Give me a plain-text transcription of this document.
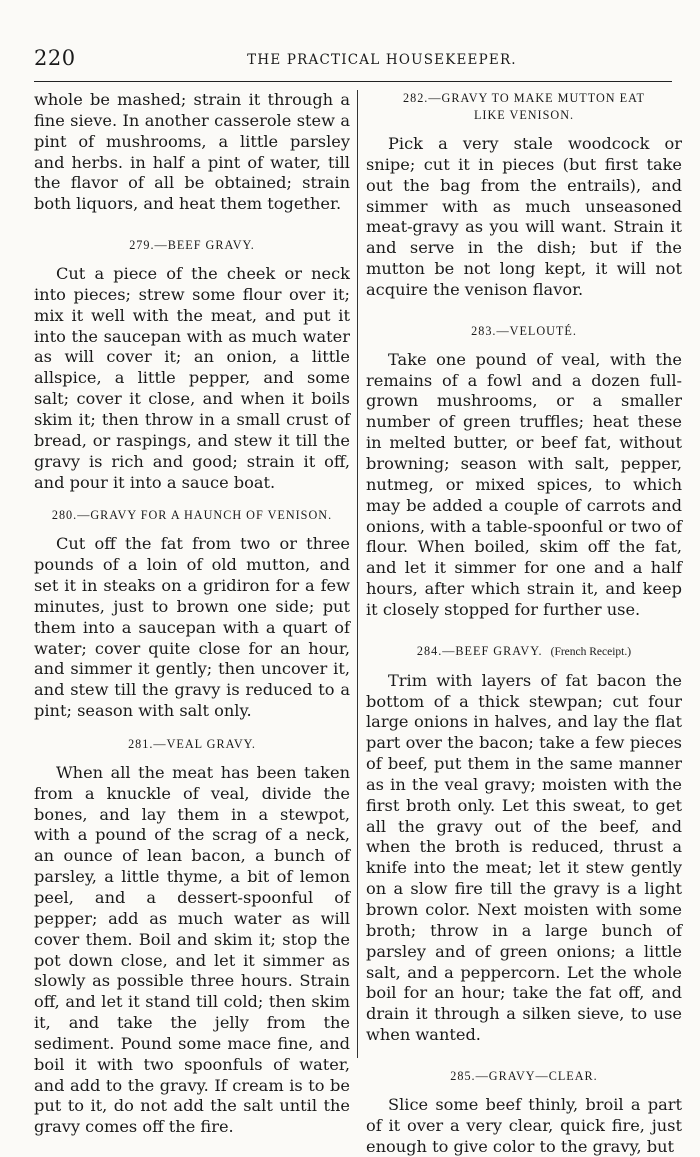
220	THE PRACTICAL HOUSEKEEPER.

whole be mashed; strain it through a fine sieve. In another casserole stew a pint of mushrooms, a little parsley and herbs. in half a pint of water, till the flavor of all be obtained; strain both liquors, and heat them together.

279.—BEEF GRAVY.

Cut a piece of the cheek or neck into pieces; strew some flour over it; mix it well with the meat, and put it into the saucepan with as much water as will cover it; an onion, a little allspice, a little pepper, and some salt; cover it close, and when it boils skim it; then throw in a small crust of bread, or raspings, and stew it till the gravy is rich and good; strain it off, and pour it into a sauce boat.

280.—GRAVY FOR A HAUNCH OF VENISON.

Cut off the fat from two or three pounds of a loin of old mutton, and set it in steaks on a gridiron for a few minutes, just to brown one side; put them into a saucepan with a quart of water; cover quite close for an hour, and simmer it gently; then uncover it, and stew till the gravy is reduced to a pint; season with salt only.

281.—VEAL GRAVY.

When all the meat has been taken from a knuckle of veal, divide the bones, and lay them in a stewpot, with a pound of the scrag of a neck, an ounce of lean bacon, a bunch of parsley, a little thyme, a bit of lemon peel, and a dessert-spoonful of pepper; add as much water as will cover them. Boil and skim it; stop the pot down close, and let it simmer as slowly as possible three hours. Strain off, and let it stand till cold; then skim it, and take the jelly from the sediment. Pound some mace fine, and boil it with two spoonfuls of water, and add to the gravy. If cream is to be put to it, do not add the salt until the gravy comes off the fire.

282.—GRAVY TO MAKE MUTTON EAT
LIKE VENISON.

Pick a very stale woodcock or snipe; cut it in pieces (but first take out the bag from the entrails), and simmer with as much unseasoned meat-gravy as you will want. Strain it and serve in the dish; but if the mutton be not long kept, it will not acquire the venison flavor.

283.—VELOUTÉ.

Take one pound of veal, with the remains of a fowl and a dozen full-grown mushrooms, or a smaller number of green truffles; heat these in melted butter, or beef fat, without browning; season with salt, pepper, nutmeg, or mixed spices, to which may be added a couple of carrots and onions, with a table-spoonful or two of flour. When boiled, skim off the fat, and let it simmer for one and a half hours, after which strain it, and keep it closely stopped for further use.

284.—BEEF GRAVY. (French Receipt.)

Trim with layers of fat bacon the bottom of a thick stewpan; cut four large onions in halves, and lay the flat part over the bacon; take a few pieces of beef, put them in the same manner as in the veal gravy; moisten with the first broth only. Let this sweat, to get all the gravy out of the beef, and when the broth is reduced, thrust a knife into the meat; let it stew gently on a slow fire till the gravy is a light brown color. Next moisten with some broth; throw in a large bunch of parsley and of green onions; a little salt, and a peppercorn. Let the whole boil for an hour; take the fat off, and drain it through a silken sieve, to use when wanted.

285.—GRAVY—CLEAR.

Slice some beef thinly, broil a part of it over a very clear, quick fire, just enough to give color to the gravy, but
